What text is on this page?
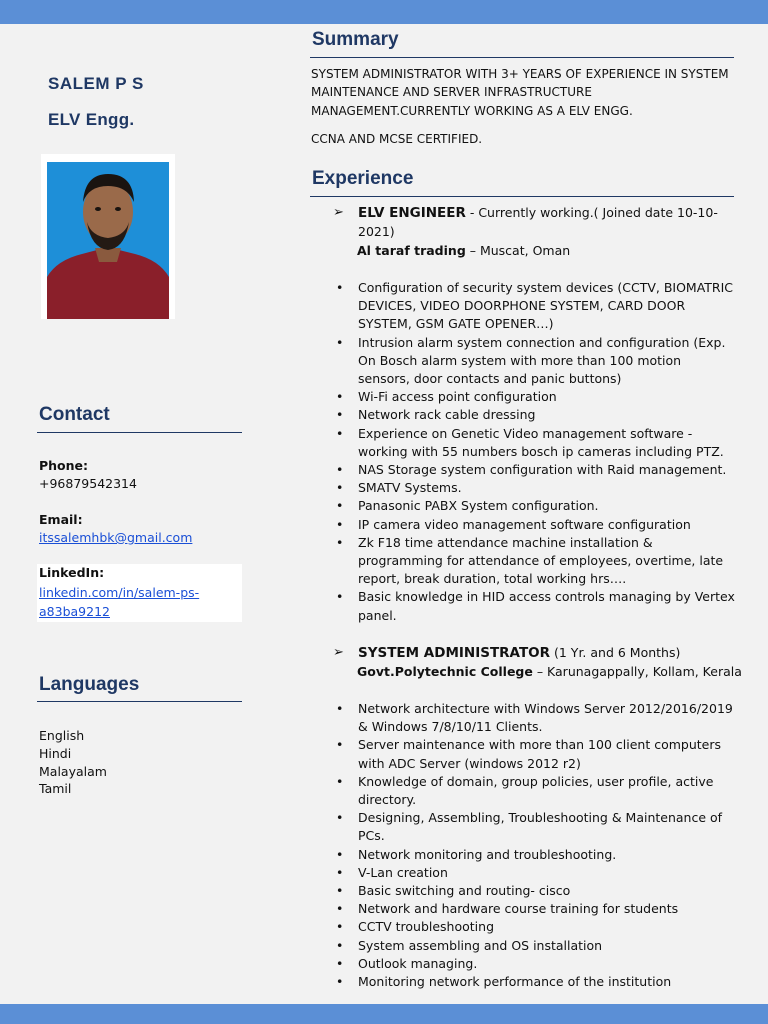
SALEM P S
ELV Engg.
Contact
Phone:
+96879542314
Email:
itssalemhbk@gmail.com
LinkedIn:
linkedin.com/in/salem-ps-
a83ba9212
Languages
English
Hindi
Malayalam
Tamil
Summary
SYSTEM ADMINISTRATOR WITH 3+ YEARS OF EXPERIENCE IN SYSTEM MAINTENANCE AND SERVER INFRASTRUCTURE MANAGEMENT.CURRENTLY WORKING AS A ELV ENGG.
CCNA AND MCSE CERTIFIED.
Experience
➢ ELV ENGINEER - Currently working.( Joined date 10-10-
2021)
Al taraf trading – Muscat, Oman
• Configuration of security system devices (CCTV, BIOMATRIC DEVICES, VIDEO DOORPHONE SYSTEM, CARD DOOR SYSTEM, GSM GATE OPENER…)
• Intrusion alarm system connection and configuration (Exp. On Bosch alarm system with more than 100 motion sensors, door contacts and panic buttons)
• Wi-Fi access point configuration
• Network rack cable dressing
• Experience on Genetic Video management software - working with 55 numbers bosch ip cameras including PTZ.
• NAS Storage system configuration with Raid management.
• SMATV Systems.
• Panasonic PABX System configuration.
• IP camera video management software configuration
• Zk F18 time attendance machine installation & programming for attendance of employees, overtime, late report, break duration, total working hrs….
• Basic knowledge in HID access controls managing by Vertex panel.
➢ SYSTEM ADMINISTRATOR (1 Yr. and 6 Months)
Govt.Polytechnic College – Karunagappally, Kollam, Kerala
• Network architecture with Windows Server 2012/2016/2019 & Windows 7/8/10/11 Clients.
• Server maintenance with more than 100 client computers with ADC Server (windows 2012 r2)
• Knowledge of domain, group policies, user profile, active directory.
• Designing, Assembling, Troubleshooting & Maintenance of PCs.
• Network monitoring and troubleshooting.
• V-Lan creation
• Basic switching and routing- cisco
• Network and hardware course training for students
• CCTV troubleshooting
• System assembling and OS installation
• Outlook managing.
• Monitoring network performance of the institution
